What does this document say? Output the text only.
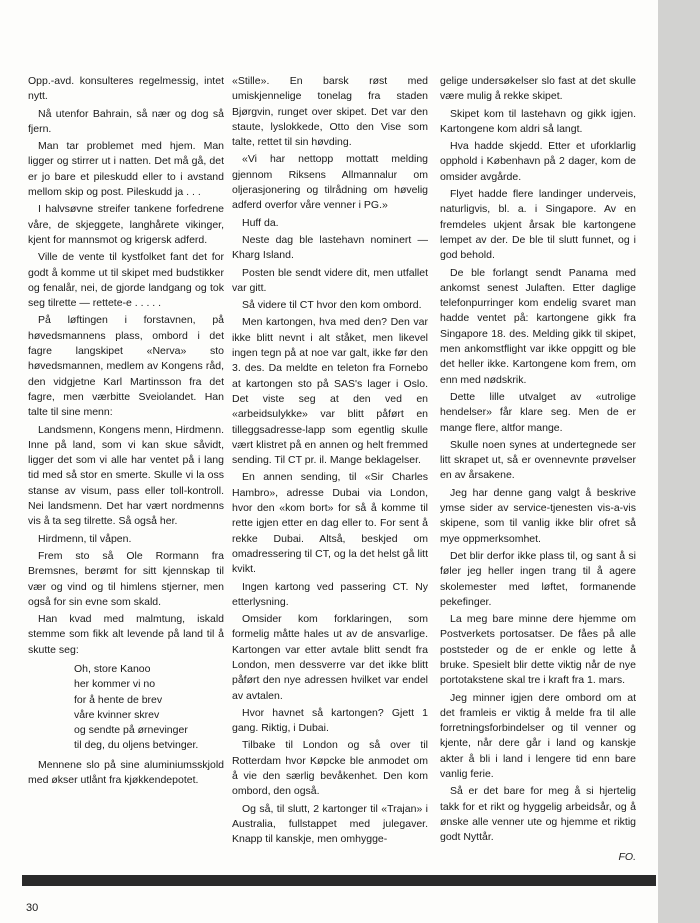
Opp.-avd. konsulteres regelmessig, intet nytt.

Nå utenfor Bahrain, så nær og dog så fjern.

Man tar problemet med hjem. Man ligger og stirrer ut i natten. Det må gå, det er jo bare et pileskudd eller to i avstand mellom skip og post. Pileskudd ja . . .

I halvsøvne streifer tankene forfedrene våre, de skjeggete, langhårete vikinger, kjent for mannsmot og krigersk adferd.

Ville de vente til kystfolket fant det for godt å komme ut til skipet med budstikker og fenalår, nei, de gjorde landgang og tok seg tilrette — rettete-e . . . . .

På løftingen i forstavnen, på høvedsmannens plass, ombord i det fagre langskipet «Nerva» sto høvedsmannen, medlem av Kongens råd, den vidgjetne Karl Martinsson fra det fagre, men værbitte Sveiolandet. Han talte til sine menn:

Landsmenn, Kongens menn, Hirdmenn. Inne på land, som vi kan skue såvidt, ligger det som vi alle har ventet på i lang tid med så stor en smerte. Skulle vi la oss stanse av visum, pass eller toll-kontroll. Nei landsmenn. Det har vært nordmenns vis å ta seg tilrette. Så også her.

Hirdmenn, til våpen.

Frem sto så Ole Rormann fra Bremsnes, berømt for sitt kjennskap til vær og vind og til himlens stjerner, men også for sin evne som skald.

Han kvad med malmtung, iskald stemme som fikk alt levende på land til å skutte seg:

Oh, store Kanoo
her kommer vi no
for å hente de brev
våre kvinner skrev
og sendte på ørnevinger
til deg, du oljens betvinger.

Mennene slo på sine aluminiumsskjold med økser utlånt fra kjøkkendepotet.

«Stille». En barsk røst med umiskjennelige tonelag fra staden Bjørgvin, runget over skipet. Det var den staute, lyslokkede, Otto den Vise som talte, rettet til sin høvding.

«Vi har nettopp mottatt melding gjennom Riksens Allmannalur om oljerasjonering og tilrådning om høvelig adferd overfor våre venner i PG.»

Huff da.

Neste dag ble lastehavn nominert — Kharg Island.

Posten ble sendt videre dit, men utfallet var gitt.

Så videre til CT hvor den kom ombord.

Men kartongen, hva med den? Den var ikke blitt nevnt i alt ståket, men likevel ingen tegn på at noe var galt, ikke før den 3. des. Da meldte en teleton fra Fornebo at kartongen sto på SAS's lager i Oslo. Det viste seg at den ved en «arbeidsulykke» var blitt påført en tilleggsadresse-lapp som egentlig skulle vært klistret på en annen og helt fremmed sending. Til CT pr. il. Mange beklagelser.

En annen sending, til «Sir Charles Hambro», adresse Dubai via London, hvor den «kom bort» for så å komme til rette igjen etter en dag eller to. For sent å rekke Dubai. Altså, beskjed om omadressering til CT, og la det helst gå litt kvikt.

Ingen kartong ved passering CT. Ny etterlysning.

Omsider kom forklaringen, som formelig måtte hales ut av de ansvarlige. Kartongen var etter avtale blitt sendt fra London, men dessverre var det ikke blitt påført den nye adressen hvilket var endel av avtalen.

Hvor havnet så kartongen? Gjett 1 gang. Riktig, i Dubai.

Tilbake til London og så over til Rotterdam hvor Køpcke ble anmodet om å vie den særlig bevåkenhet. Den kom ombord, den også.

Og så, til slutt, 2 kartonger til «Trajan» i Australia, fullstappet med julegaver. Knapp til kanskje, men omhygge-

gelige undersøkelser slo fast at det skulle være mulig å rekke skipet.

Skipet kom til lastehavn og gikk igjen. Kartongene kom aldri så langt.

Hva hadde skjedd. Etter et uforklarlig opphold i København på 2 dager, kom de omsider avgårde.

Flyet hadde flere landinger underveis, naturligvis, bl. a. i Singapore. Av en fremdeles ukjent årsak ble kartongene lempet av der. De ble til slutt funnet, og i god behold.

De ble forlangt sendt Panama med ankomst senest Julaften. Etter daglige telefonpurringer kom endelig svaret man hadde ventet på: kartongene gikk fra Singapore 18. des. Melding gikk til skipet, men ankomstflight var ikke oppgitt og ble det heller ikke. Kartongene kom frem, om enn med nødskrik.

Dette lille utvalget av «utrolige hendelser» får klare seg. Men de er mange flere, altfor mange.

Skulle noen synes at undertegnede ser litt skrapet ut, så er ovennevnte prøvelser en av årsakene.

Jeg har denne gang valgt å beskrive ymse sider av service-tjenesten vis-a-vis skipene, som til vanlig ikke blir ofret så mye oppmerksomhet.

Det blir derfor ikke plass til, og sant å si føler jeg heller ingen trang til å agere skolemester med løftet, formanende pekefinger.

La meg bare minne dere hjemme om Postverkets portosatser. De fåes på alle poststeder og de er enkle og lette å bruke. Spesielt blir dette viktig når de nye portotakstene skal tre i kraft fra 1. mars.

Jeg minner igjen dere ombord om at det framleis er viktig å melde fra til alle forretningsforbindelser og til venner og kjente, når dere går i land og kanskje akter å bli i land i lengere tid enn bare vanlig ferie.

Så er det bare for meg å si hjertelig takk for et rikt og hyggelig arbeidsår, og å ønske alle venner ute og hjemme et riktig godt Nyttår.

FO.

30
